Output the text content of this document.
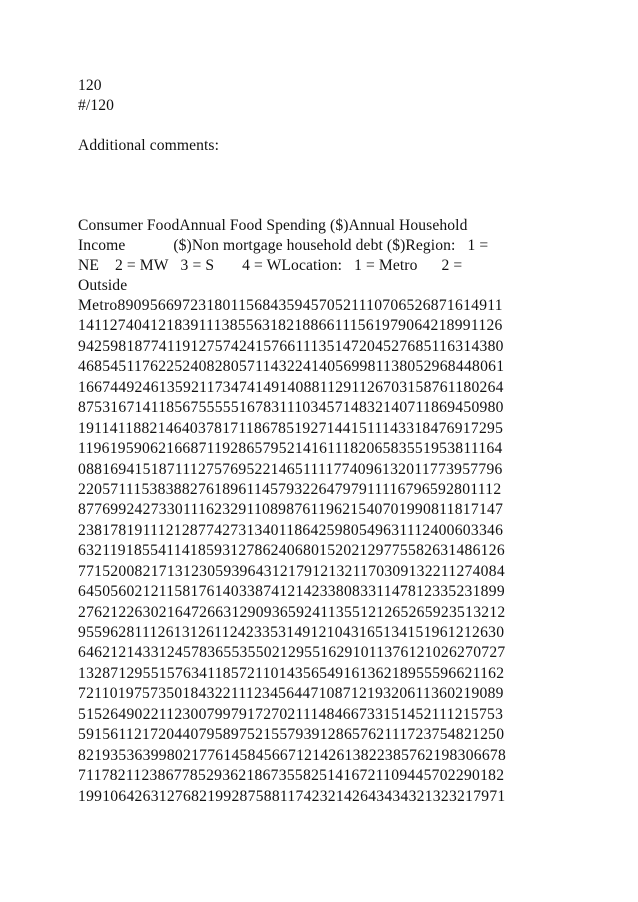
120
#/120
Additional comments:
Consumer FoodAnnual Food Spending ($)Annual Household
Income            ($)Non mortgage household debt ($)Region:   1 =
NE    2 = MW   3 = S       4 = WLocation:   1 = Metro      2 =
Outside
Metro890956697231801156843594570521110706526871614911
14112740412183911138556318218866111561979064218991126
94259818774119127574241576611135147204527685116314380
46854511762252408280571143224140569981138052968448061
16674492461359211734741491408811291126703158761180264
87531671411856755555167831110345714832140711869450980
19114118821464037817118678519271441511143318476917295
11961959062166871192865795214161118206583551953811164
08816941518711127576952214651111774096132011773957796
22057111538388276189611457932264797911116796592801112
87769924273301116232911089876119621540701990811817147
23817819111212877427313401186425980549631112400603346
63211918554114185931278624068015202129775582631486126
77152008217131230593964312179121321170309132211274084
64505602121158176140338741214233808331147812335231899
27621226302164726631290936592411355121265265923513212
95596281112613126112423353149121043165134151961212630
64621214331245783655355021295516291011376121026270727
13287129551576341185721101435654916136218955596621162
72110197573501843221112345644710871219320611360219089
51526490221123007997917270211148466733151452111215753
59156112172044079589752155793912865762111723754821250
82193536399802177614584566712142613822385762198306678
71178211238677852936218673558251416721109445702290182
19910642631276821992875881174232142643434321323217971
